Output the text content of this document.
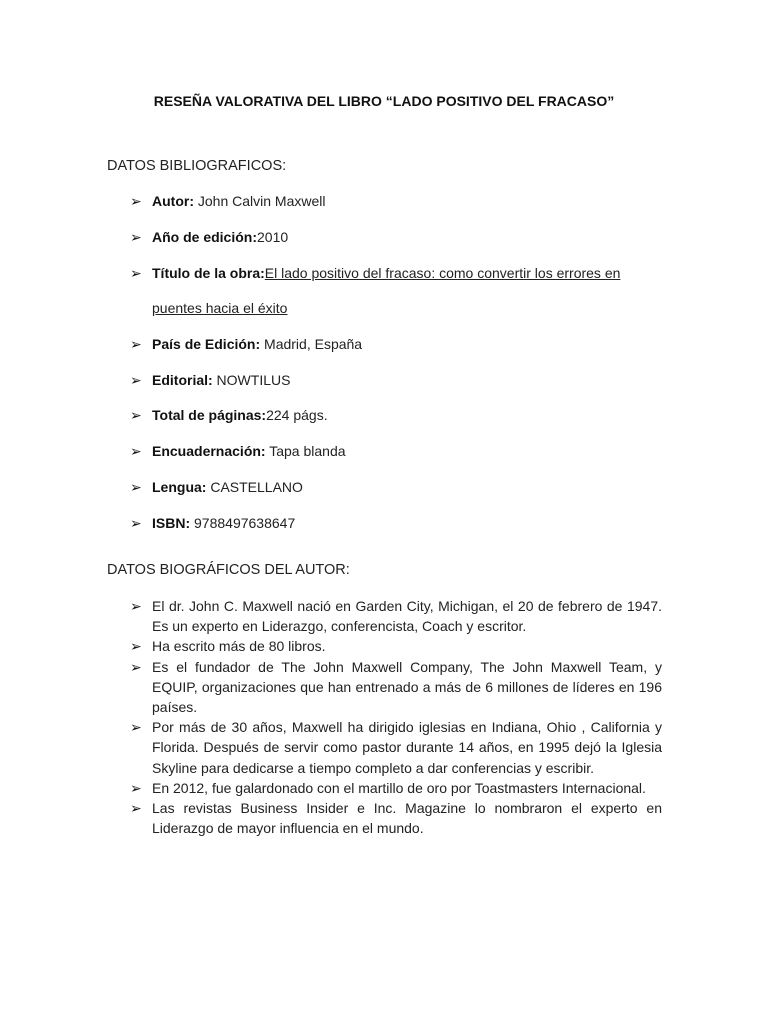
RESEÑA VALORATIVA DEL LIBRO “LADO POSITIVO DEL FRACASO”
DATOS BIBLIOGRAFICOS:
➢ Autor: John Calvin Maxwell
➢ Año de edición:2010
➢ Título de la obra:El lado positivo del fracaso: como convertir los errores en
puentes hacia el éxito
➢ País de Edición: Madrid, España
➢ Editorial: NOWTILUS
➢ Total de páginas:224 págs.
➢ Encuadernación: Tapa blanda
➢ Lengua: CASTELLANO
➢ ISBN: 9788497638647
DATOS BIOGRÁFICOS DEL AUTOR:
➢ El dr. John C. Maxwell nació en Garden City, Michigan, el 20 de febrero de 1947. Es un experto en Liderazgo, conferencista, Coach y escritor.
➢ Ha escrito más de 80 libros.
➢ Es el fundador de The John Maxwell Company, The John Maxwell Team, y EQUIP, organizaciones que han entrenado a más de 6 millones de líderes en 196 países.
➢ Por más de 30 años, Maxwell ha dirigido iglesias en Indiana, Ohio , California y Florida. Después de servir como pastor durante 14 años, en 1995 dejó la Iglesia Skyline para dedicarse a tiempo completo a dar conferencias y escribir.
➢ En 2012, fue galardonado con el martillo de oro por Toastmasters Internacional.
➢ Las revistas Business Insider e Inc. Magazine lo nombraron el experto en Liderazgo de mayor influencia en el mundo.
